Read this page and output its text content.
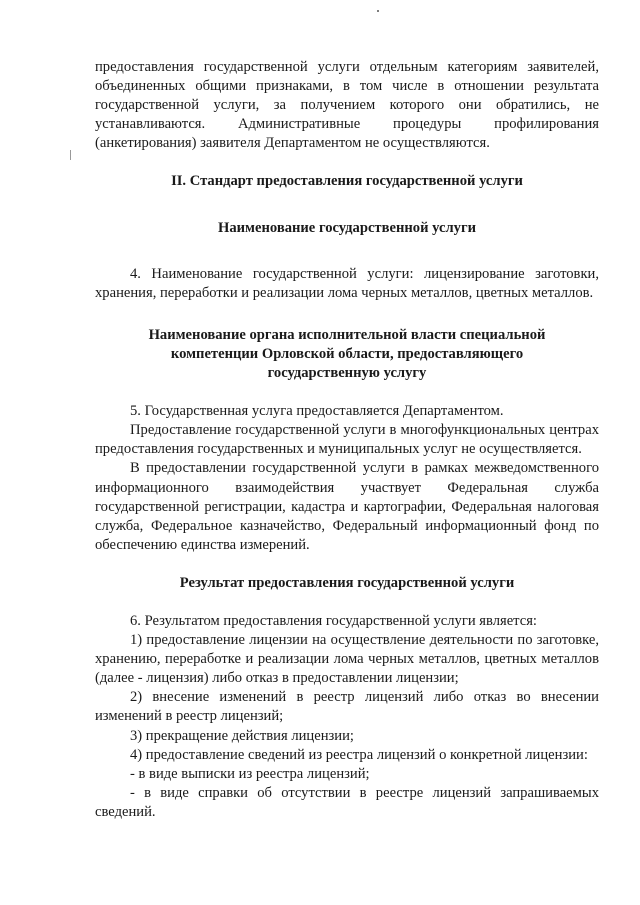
предоставления государственной услуги отдельным категориям заявителей, объединенных общими признаками, в том числе в отношении результата государственной услуги, за получением которого они обратились, не устанавливаются. Административные процедуры профилирования (анкетирования) заявителя Департаментом не осуществляются.

II. Стандарт предоставления государственной услуги

Наименование государственной услуги

4. Наименование государственной услуги: лицензирование заготовки, хранения, переработки и реализации лома черных металлов, цветных металлов.

Наименование органа исполнительной власти специальной

компетенции Орловской области, предоставляющего

государственную услугу

5. Государственная услуга предоставляется Департаментом.

Предоставление государственной услуги в многофункциональных центрах предоставления государственных и муниципальных услуг не осуществляется.

В предоставлении государственной услуги в рамках межведомственного информационного взаимодействия участвует Федеральная служба государственной регистрации, кадастра и картографии, Федеральная налоговая служба, Федеральное казначейство, Федеральный информационный фонд по обеспечению единства измерений.

Результат предоставления государственной услуги

6. Результатом предоставления государственной услуги является:

1) предоставление лицензии на осуществление деятельности по заготовке, хранению, переработке и реализации лома черных металлов, цветных металлов (далее - лицензия) либо отказ в предоставлении лицензии;

2) внесение изменений в реестр лицензий либо отказ во внесении изменений в реестр лицензий;

3) прекращение действия лицензии;

4) предоставление сведений из реестра лицензий о конкретной лицензии:

- в виде выписки из реестра лицензий;

- в виде справки об отсутствии в реестре лицензий запрашиваемых сведений.
